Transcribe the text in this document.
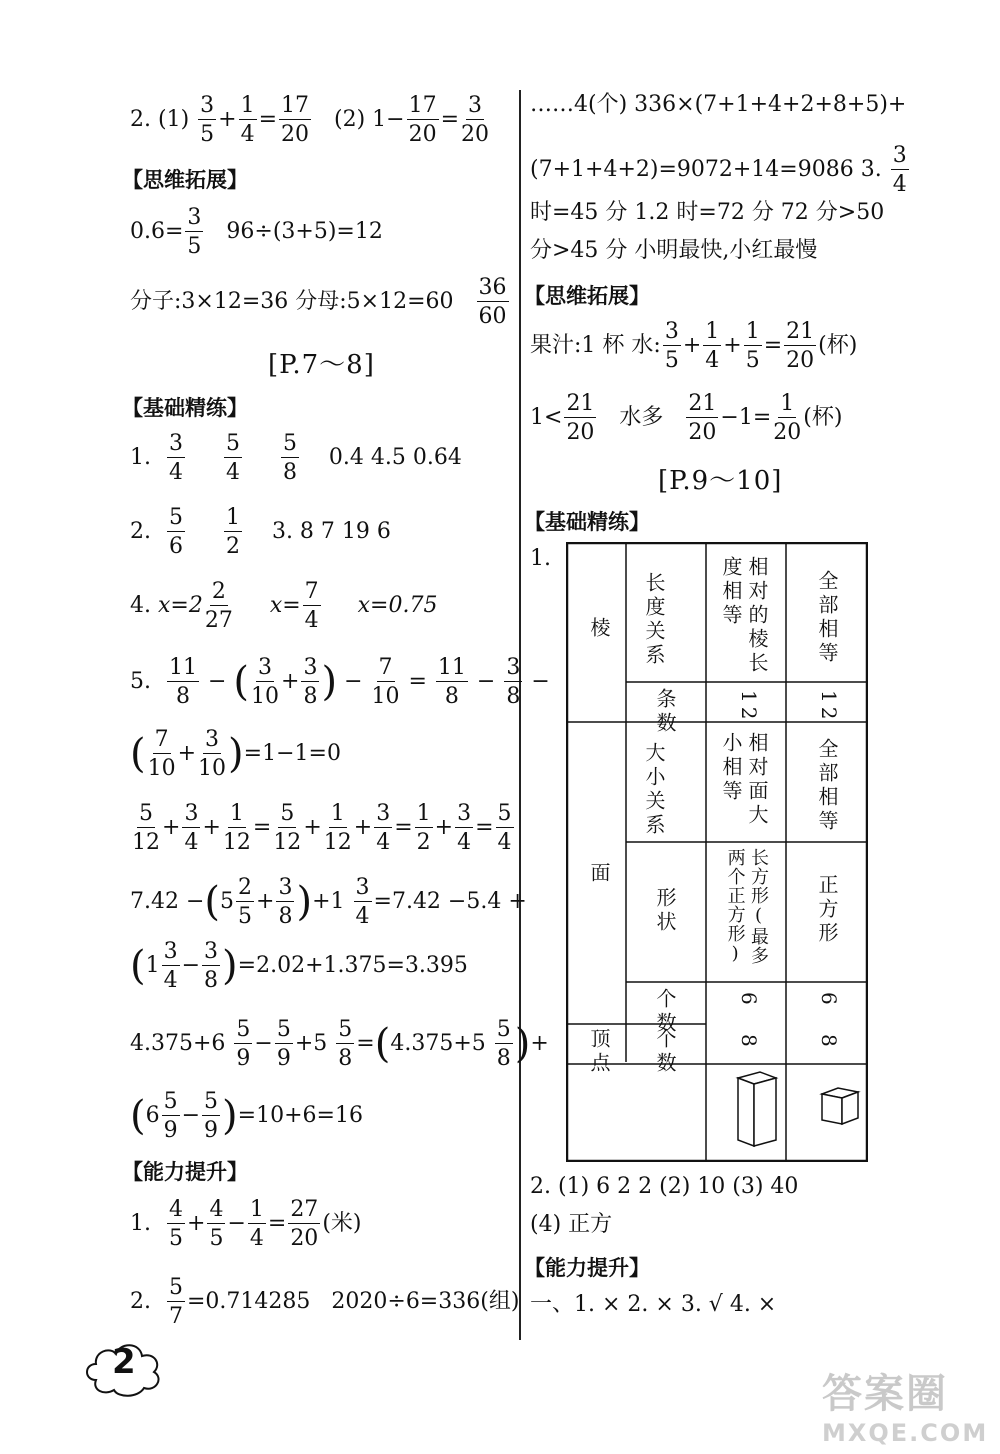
2. $(1) \frac{3}{5} + \frac{1}{4} = \frac{17}{20} (2)$ $1- \frac{17}{20} = \frac{3}{20}$
【思维拓展】
$0.6= \frac{3}{5} 96\div(3+5)=12$
分子:3×12=36 分母:5×12=60 $\frac{36}{60}$
[P.7～8]
【基础精练】
1. $\frac{3}{4}$
$\frac{5}{4}$
$\frac{5}{8} 0.4$ 4.5 0.64
2. $\frac{5}{6}$
$\frac{1}{2} 3$. 8 7 19 6
4. $x=2 \frac{2}{27} x= \frac{7}{4} x=0.75$
5. $\frac{11}{8}$ − ( $\frac{3}{10} + \frac{3}{8}$ ) − $\frac{7}{10} = \frac{11}{8} - \frac{3}{8}$ −
( $\frac{7}{10} + \frac{3}{10} )=1-1=0$
$\frac{5}{12} + \frac{3}{4} + \frac{1}{12} = \frac{5}{12} + \frac{1}{12} + \frac{3}{4} = \frac{1}{2} + \frac{3}{4} = \frac{5}{4}$
$7.42 -(5 \frac{2}{5} + \frac{3}{8} )+1 \frac{3}{4} =7.42 -5.4$ +
$(1 \frac{3}{4} - \frac{3}{8} )=2.02+1.375=3.395$
$4.375+6 \frac{5}{9} - \frac{5}{9} +5 \frac{5}{8} =(4.375+5 \frac{5}{8}$ )+
$(6 \frac{5}{9} - \frac{5}{9} )=10+6=16$
【能力提升】
1. $\frac{4}{5} + \frac{4}{5} - \frac{1}{4} = \frac{27}{20}$ (米)
2. $\frac{5}{7} =0.714285$ 2020÷6=336(组)
……4(个) 336×(7+1+4+2+8+5)+
(7+1+4+2)=9072+14=9086 3. $\frac{3}{4}$
时=45 分 1.2 时=72 分 72 分>50
分>45 分 小明最快,小红最慢
【思维拓展】
果汁:1 杯 水: $\frac{3}{5} + \frac{1}{4} + \frac{1}{5} = \frac{21}{20}$ (杯)
$1< \frac{21}{20}$ 水多 $\frac{21}{20} -1= \frac{1}{20}$ (杯)
[P.9～10]
【基础精练】
1.
棱 长度关系	相对的棱长度相等	全部相等
条数	12	12
面
大小关系	相对面大小相等	全部相等
形状	长方形(最多两个正方形)	正方形
个数	6	6
顶点 个数	8	8
2. (1) 6 2 2 (2) 10 (3) 40
(4) 正方
【能力提升】
一、1. × 2. × 3. √ 4. ×
2
答案圈
MXQE.COM
